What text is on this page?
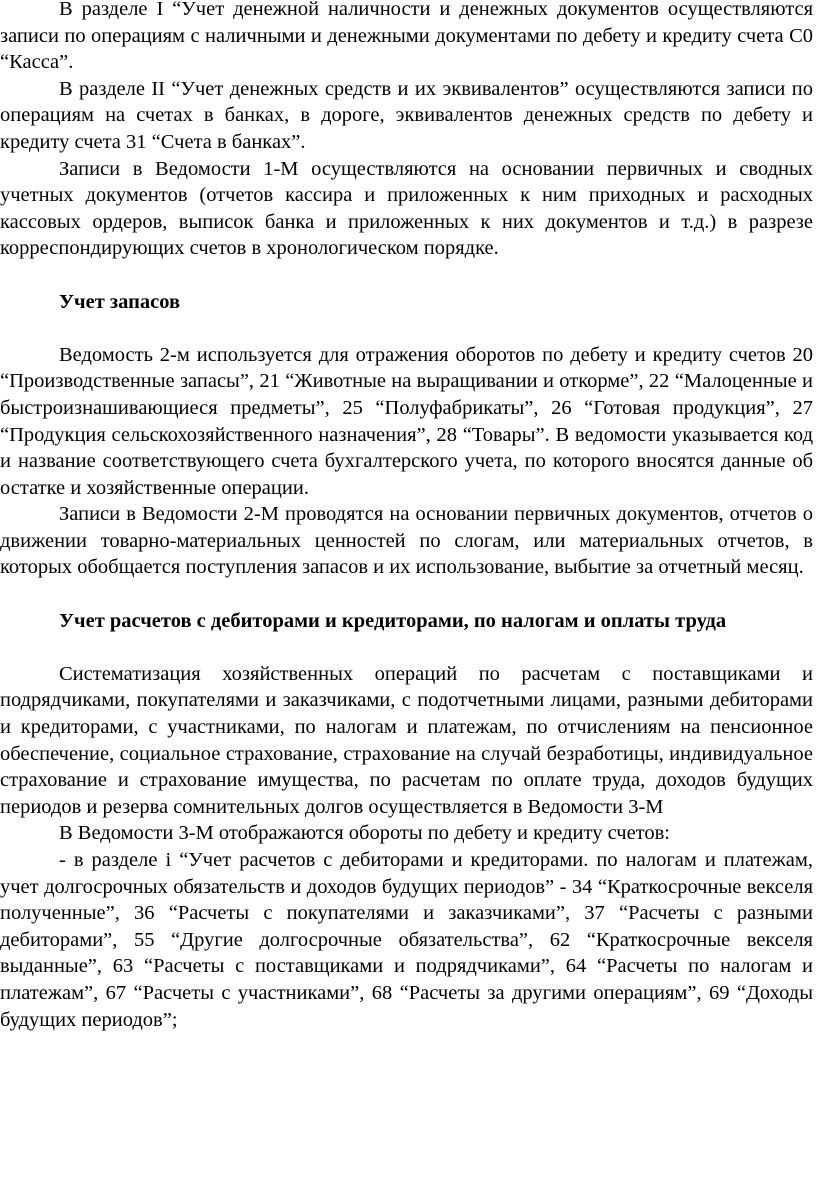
В разделе I “Учет денежной наличности и денежных документов осуществляются записи по операциям с наличными и денежными документами по дебету и кредиту счета С0 “Касса”.

В разделе II “Учет денежных средств и их эквивалентов” осуществляются записи по операциям на счетах в банках, в дороге, эквивалентов денежных средств по дебету и кредиту счета 31 “Счета в банках”.

Записи в Ведомости 1-М осуществляются на основании первичных и сводных учетных документов (отчетов кассира и приложенных к ним приходных и расходных кассовых ордеров, выписок банка и приложенных к них документов и т.д.) в разрезе корреспондирующих счетов в хронологическом порядке.

Учет запасов

Ведомость 2-м используется для отражения оборотов по дебету и кредиту счетов 20 “Производственные запасы”, 21 “Животные на выращивании и откорме”, 22 “Малоценные и быстроизнашивающиеся предметы”, 25 “Полуфабрикаты”, 26 “Готовая продукция”, 27 “Продукция сельскохозяйственного назначения”, 28 “Товары”. В ведомости указывается код и название соответствующего счета бухгалтерского учета, по которого вносятся данные об остатке и хозяйственные операции.

Записи в Ведомости 2-М проводятся на основании первичных документов, отчетов о движении товарно-материальных ценностей по слогам, или материальных отчетов, в которых обобщается поступления запасов и их использование, выбытие за отчетный месяц.

Учет расчетов с дебиторами и кредиторами, по налогам и оплаты труда

Систематизация хозяйственных операций по расчетам с поставщиками и подрядчиками, покупателями и заказчиками, с подотчетными лицами, разными дебиторами и кредиторами, с участниками, по налогам и платежам, по отчислениям на пенсионное обеспечение, социальное страхование, страхование на случай безработицы, индивидуальное страхование и страхование имущества, по расчетам по оплате труда, доходов будущих периодов и резерва сомнительных долгов осуществляется в Ведомости 3-М

В Ведомости 3-М отображаются обороты по дебету и кредиту счетов:

- в разделе і “Учет расчетов с дебиторами и кредиторами. по налогам и платежам, учет долгосрочных обязательств и доходов будущих периодов” - 34 “Краткосрочные векселя полученные”, 36 “Расчеты с покупателями и заказчиками”, 37 “Расчеты с разными дебиторами”, 55 “Другие долгосрочные обязательства”, 62 “Краткосрочные векселя выданные”, 63 “Расчеты с поставщиками и подрядчиками”, 64 “Расчеты по налогам и платежам”, 67 “Расчеты с участниками”, 68 “Расчеты за другими операциям”, 69 “Доходы будущих периодов”;
